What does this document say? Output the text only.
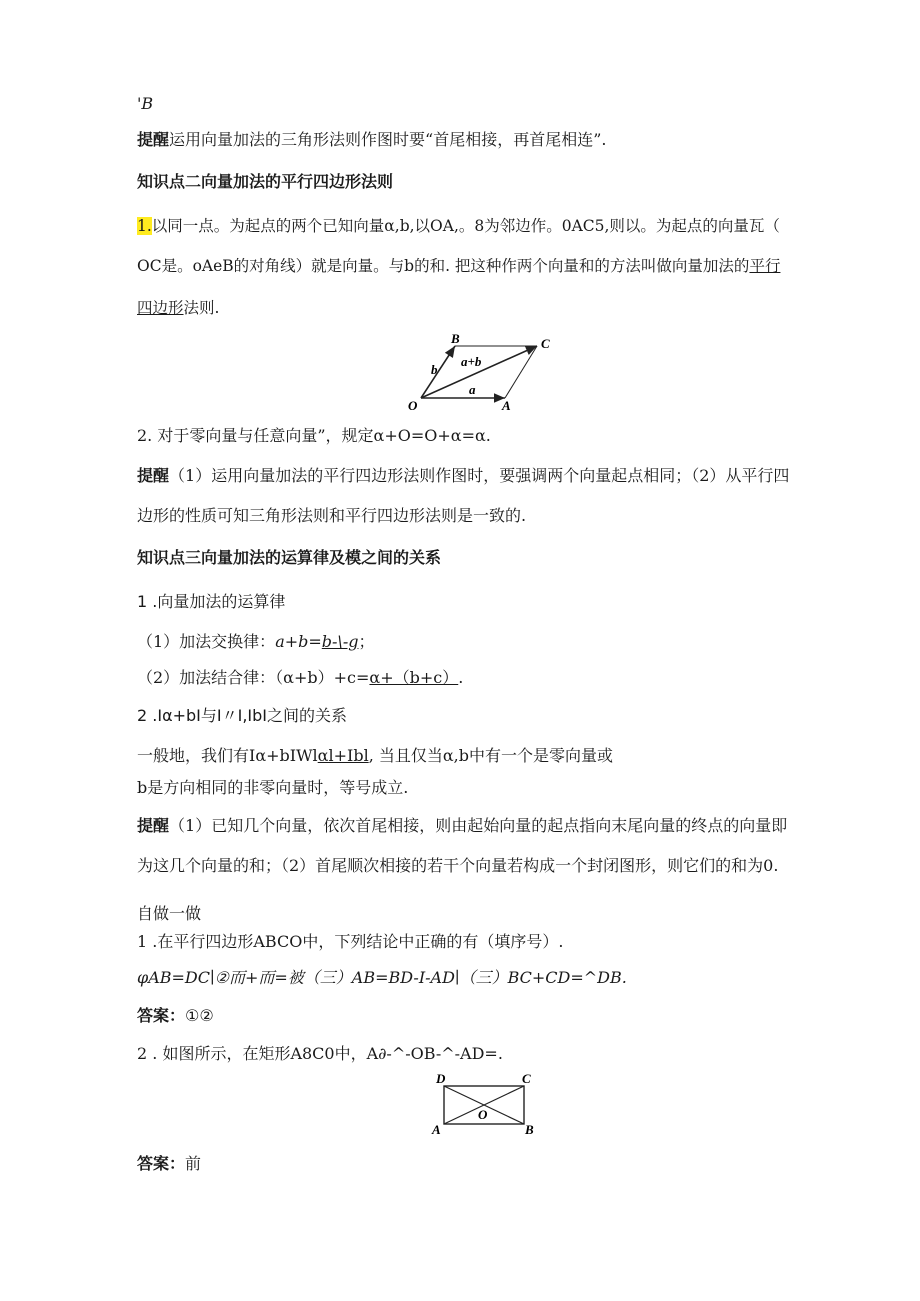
'B
提醒运用向量加法的三角形法则作图时要“首尾相接，再首尾相连”.
知识点二向量加法的平行四边形法则
1.以同一点。为起点的两个已知向量α,b,以OA,。8为邻边作。0AC5,则以。为起点的向量瓦（
OC是。oAeB的对角线）就是向量。与b的和. 把这种作两个向量和的方法叫做向量加法的平行
四边形法则.
B	C
O	A
b
a+b
a
2. 对于零向量与任意向量”，规定α+O=O+α=α.
提醒（1）运用向量加法的平行四边形法则作图时，要强调两个向量起点相同；（2）从平行四
边形的性质可知三角形法则和平行四边形法则是一致的.
知识点三向量加法的运算律及模之间的关系
1 .向量加法的运算律
（1）加法交换律：a+b=b-\-g；
（2）加法结合律：（α+b）+c=α+（b+c）.
2 .Iα+bI与I〃I,IbI之间的关系
一般地，我们有Iα+bIWlαl+Ibl, 当且仅当α,b中有一个是零向量或
b是方向相同的非零向量时，等号成立.
提醒（1）已知几个向量，依次首尾相接，则由起始向量的起点指向末尾向量的终点的向量即
为这几个向量的和；（2）首尾顺次相接的若干个向量若构成一个封闭图形，则它们的和为0.
自做一做
1 .在平行四边形ABCO中，下列结论中正确的有（填序号）.
φAB=DC∣②而+而=被（三）AB=BD-I-AD∣（三）BC+CD=^DB.
答案：①②
2 . 如图所示，在矩形A8C0中，A∂-^-OB-^-AD=.
D	C
O
A	B
答案：前
